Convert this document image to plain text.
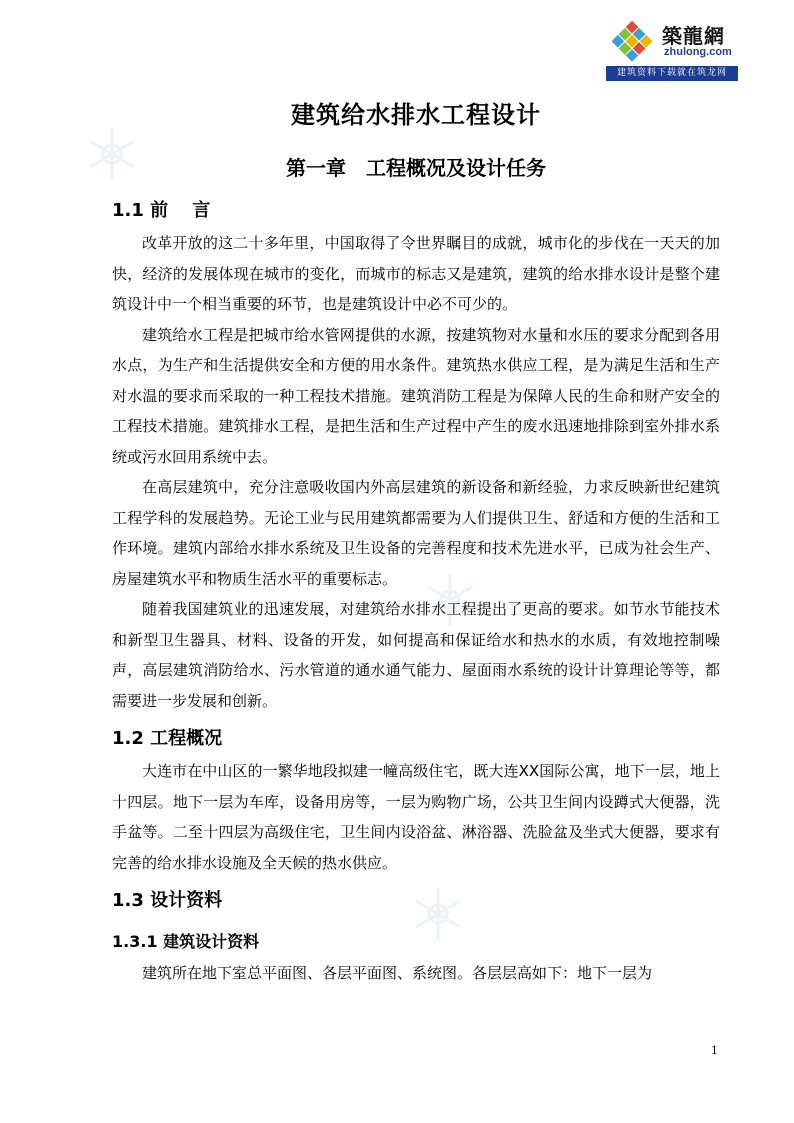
築龍網
zhulong.com
建筑资料下载就在筑龙网
建筑给水排水工程设计
第一章　工程概况及设计任务
1.1 前　 言

改革开放的这二十多年里，中国取得了令世界瞩目的成就，城市化的步伐在一天天的加快，经济的发展体现在城市的变化，而城市的标志又是建筑，建筑的给水排水设计是整个建筑设计中一个相当重要的环节，也是建筑设计中必不可少的。

建筑给水工程是把城市给水管网提供的水源，按建筑物对水量和水压的要求分配到各用水点，为生产和生活提供安全和方便的用水条件。建筑热水供应工程，是为满足生活和生产对水温的要求而采取的一种工程技术措施。建筑消防工程是为保障人民的生命和财产安全的工程技术措施。建筑排水工程，是把生活和生产过程中产生的废水迅速地排除到室外排水系统或污水回用系统中去。

在高层建筑中，充分注意吸收国内外高层建筑的新设备和新经验，力求反映新世纪建筑工程学科的发展趋势。无论工业与民用建筑都需要为人们提供卫生、舒适和方便的生活和工作环境。建筑内部给水排水系统及卫生设备的完善程度和技术先进水平，已成为社会生产、房屋建筑水平和物质生活水平的重要标志。

随着我国建筑业的迅速发展，对建筑给水排水工程提出了更高的要求。如节水节能技术和新型卫生器具、材料、设备的开发，如何提高和保证给水和热水的水质，有效地控制噪声，高层建筑消防给水、污水管道的通水通气能力、屋面雨水系统的设计计算理论等等，都需要进一步发展和创新。

1.2 工程概况

大连市在中山区的一繁华地段拟建一幢高级住宅，既大连XX国际公寓，地下一层，地上十四层。地下一层为车库，设备用房等，一层为购物广场，公共卫生间内设蹲式大便器，洗手盆等。二至十四层为高级住宅，卫生间内设浴盆、淋浴器、洗脸盆及坐式大便器，要求有完善的给水排水设施及全天候的热水供应。

1.3 设计资料
1.3.1 建筑设计资料

建筑所在地下室总平面图、各层平面图、系统图。各层层高如下：地下一层为

1
